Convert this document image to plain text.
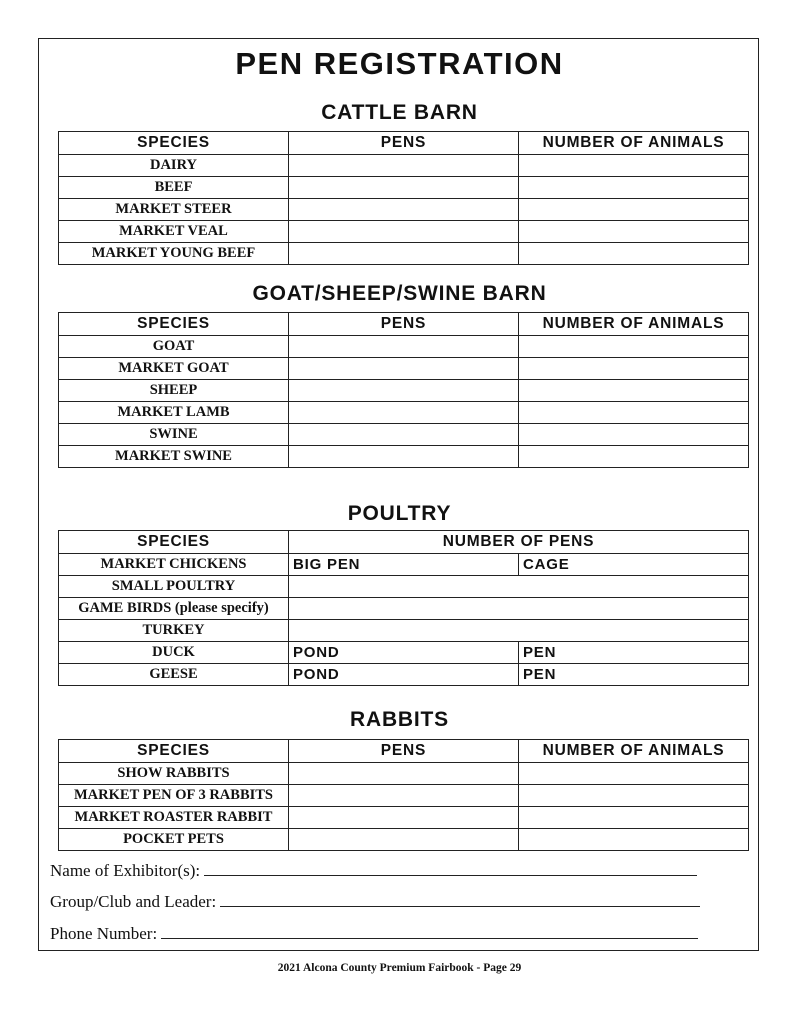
PEN REGISTRATION
CATTLE BARN
SPECIES	PENS	NUMBER OF ANIMALS
DAIRY		
BEEF		
MARKET STEER		
MARKET VEAL		
MARKET YOUNG BEEF		
GOAT/SHEEP/SWINE BARN
SPECIES	PENS	NUMBER OF ANIMALS
GOAT		
MARKET GOAT		
SHEEP		
MARKET LAMB		
SWINE		
MARKET SWINE		
POULTRY
SPECIES	NUMBER OF PENS	
MARKET CHICKENS	BIG PEN	CAGE
SMALL POULTRY		
GAME BIRDS (please specify)		
TURKEY		
DUCK	POND	PEN
GEESE	POND	PEN
RABBITS
SPECIES	PENS	NUMBER OF ANIMALS
SHOW RABBITS		
MARKET PEN OF 3 RABBITS		
MARKET ROASTER RABBIT		
POCKET PETS		
Name of Exhibitor(s):
Group/Club and Leader:
Phone Number:
2021 Alcona County Premium Fairbook - Page 29
